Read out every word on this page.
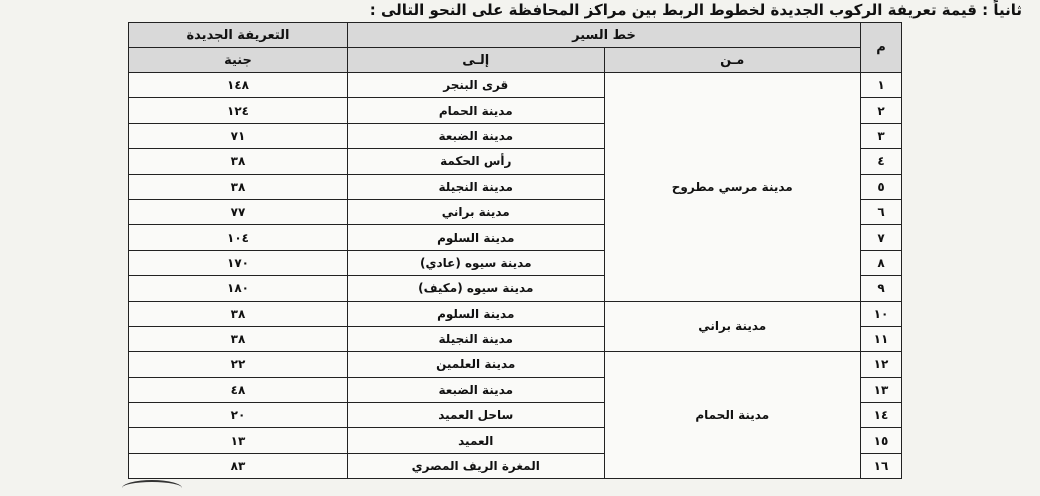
ثانياً : قيمة تعريفة الركوب الجديدة لخطوط الربط بين مراكز المحافظة على النحو التالى :
م	خط السير		التعريفة الجديدة
	مـن	إلـى	جنية
١	مدينة مرسي مطروح	قرى البنجر	١٤٨
٢		مدينة الحمام	١٢٤
٣		مدينة الضبعة	٧١
٤		رأس الحكمة	٣٨
٥		مدينة النجيلة	٣٨
٦		مدينة براني	٧٧
٧		مدينة السلوم	١٠٤
٨		مدينة سيوه (عادي)	١٧٠
٩		مدينة سيوه (مكيف)	١٨٠
١٠	مدينة براني	مدينة السلوم	٣٨
١١		مدينة النجيلة	٣٨
١٢	مدينة الحمام	مدينة العلمين	٢٢
١٣		مدينة الضبعة	٤٨
١٤		ساحل العميد	٢٠
١٥		العميد	١٣
١٦		المغرة الريف المصري	٨٣
